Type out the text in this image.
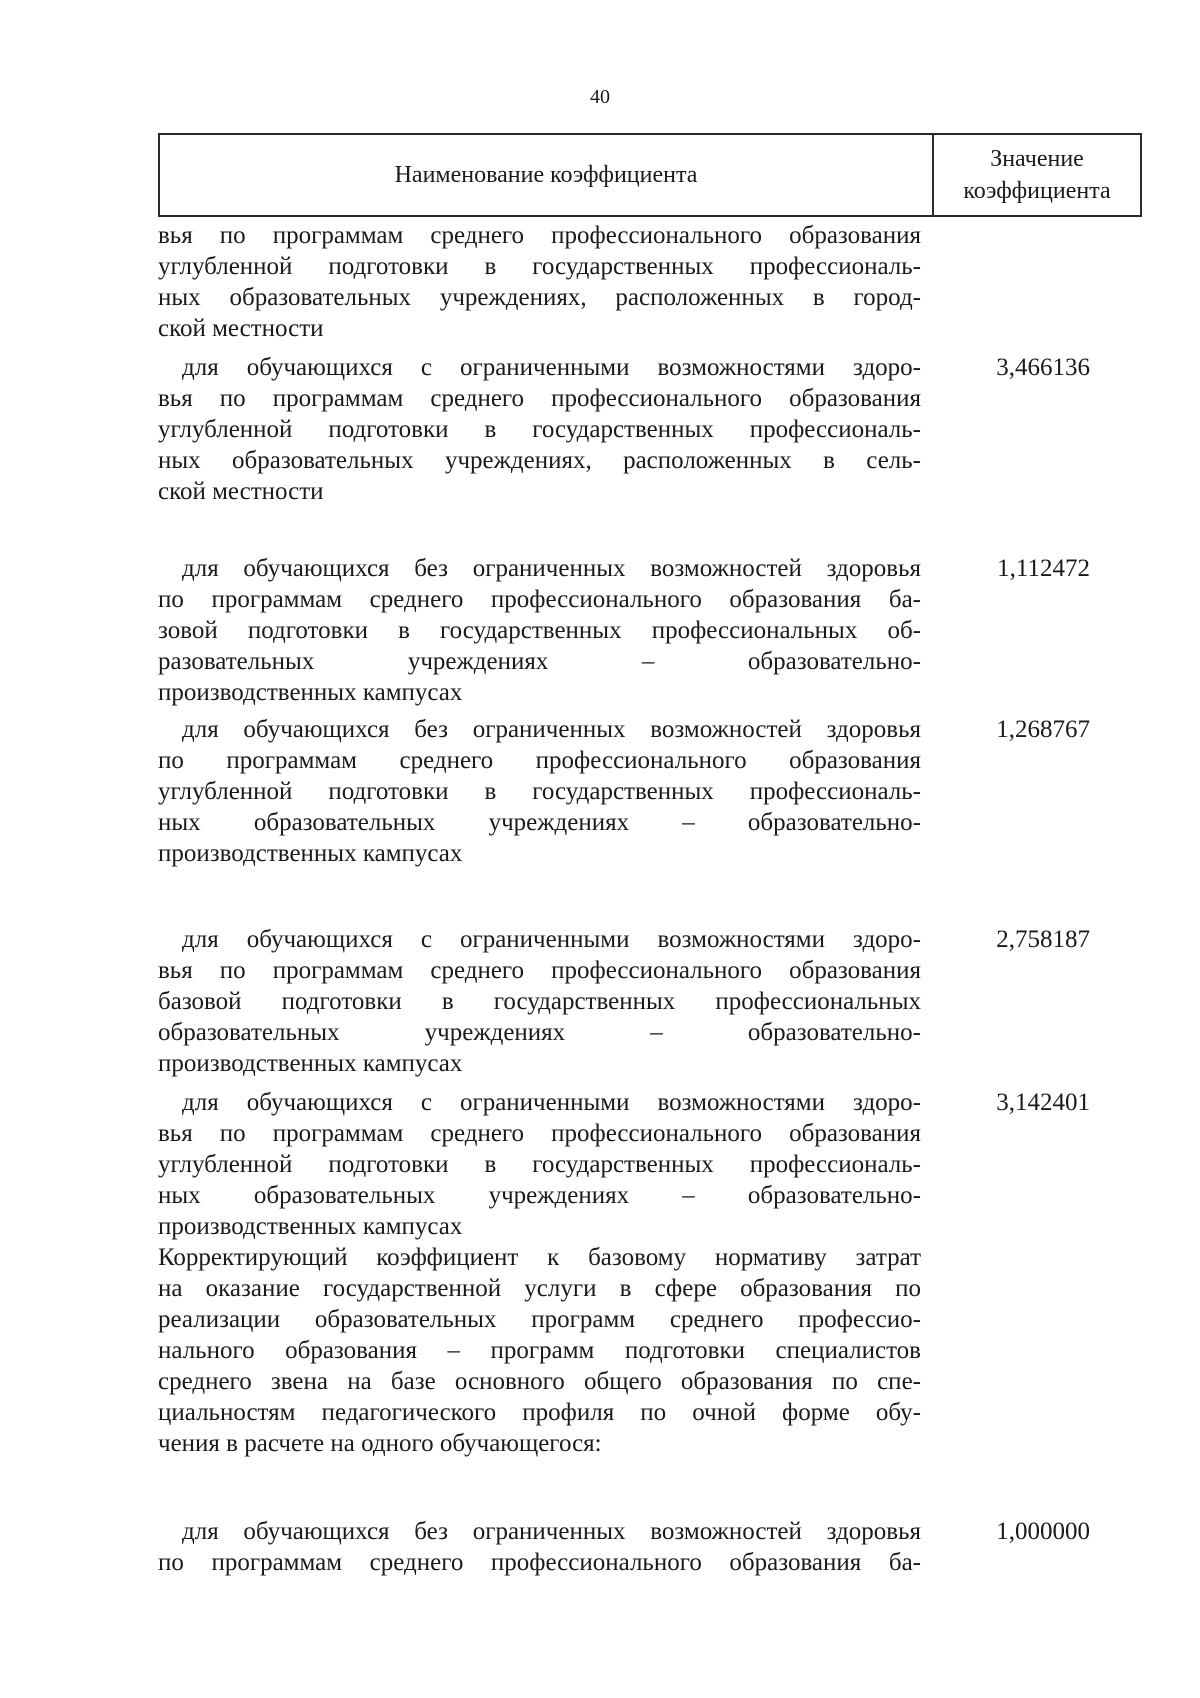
40
Наименование коэффициента
Значение
коэффициента
вья по программам среднего профессионального образования
углубленной подготовки в государственных профессиональ-
ных образовательных учреждениях, расположенных в город-
ской местности
для обучающихся с ограниченными возможностями здоро-
вья по программам среднего профессионального образования
углубленной подготовки в государственных профессиональ-
ных образовательных учреждениях, расположенных в сель-
ской местности
3,466136
для обучающихся без ограниченных возможностей здоровья
по программам среднего профессионального образования ба-
зовой подготовки в государственных профессиональных об-
разовательных учреждениях – образовательно-
производственных кампусах
1,112472
для обучающихся без ограниченных возможностей здоровья
по программам среднего профессионального образования
углубленной подготовки в государственных профессиональ-
ных образовательных учреждениях – образовательно-
производственных кампусах
1,268767
для обучающихся с ограниченными возможностями здоро-
вья по программам среднего профессионального образования
базовой подготовки в государственных профессиональных
образовательных учреждениях – образовательно-
производственных кампусах
2,758187
для обучающихся с ограниченными возможностями здоро-
вья по программам среднего профессионального образования
углубленной подготовки в государственных профессиональ-
ных образовательных учреждениях – образовательно-
производственных кампусах
3,142401
Корректирующий коэффициент к базовому нормативу затрат
на оказание государственной услуги в сфере образования по
реализации образовательных программ среднего профессио-
нального образования – программ подготовки специалистов
среднего звена на базе основного общего образования по спе-
циальностям педагогического профиля по очной форме обу-
чения в расчете на одного обучающегося:
для обучающихся без ограниченных возможностей здоровья
по программам среднего профессионального образования ба-
1,000000
